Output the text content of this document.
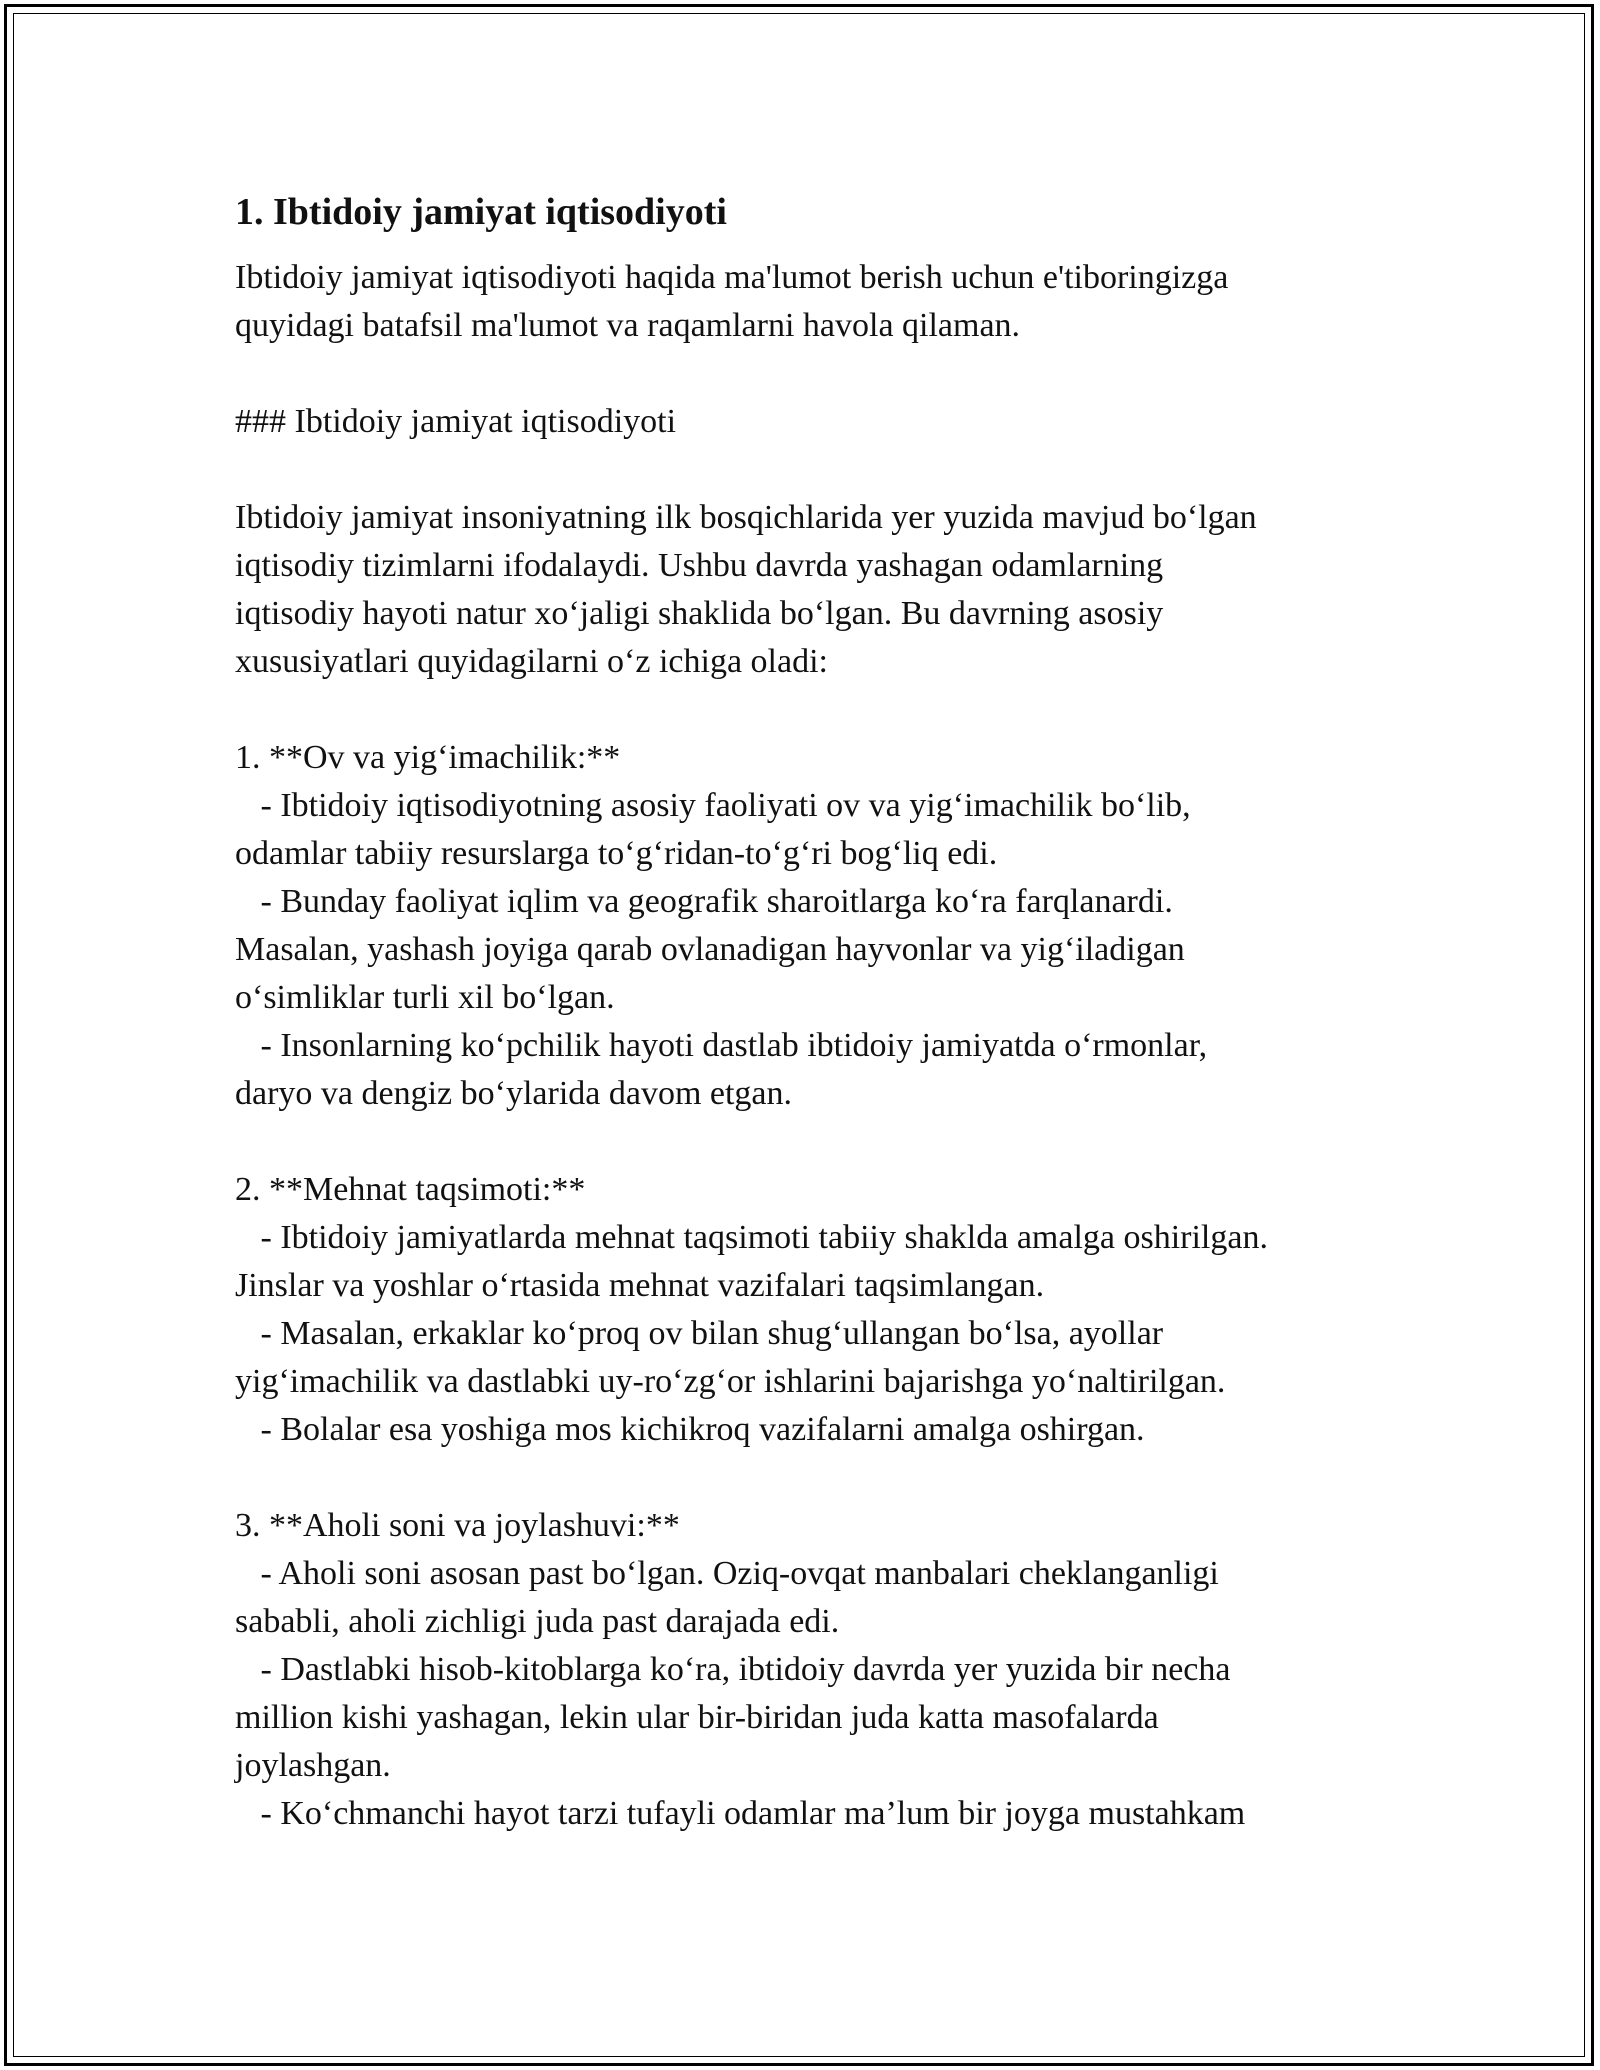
1. Ibtidoiy jamiyat iqtisodiyoti

Ibtidoiy jamiyat iqtisodiyoti haqida ma'lumot berish uchun e'tiboringizga
quyidagi batafsil ma'lumot va raqamlarni havola qilaman.

### Ibtidoiy jamiyat iqtisodiyoti

Ibtidoiy jamiyat insoniyatning ilk bosqichlarida yer yuzida mavjud bo‘lgan
iqtisodiy tizimlarni ifodalaydi. Ushbu davrda yashagan odamlarning
iqtisodiy hayoti natur xo‘jaligi shaklida bo‘lgan. Bu davrning asosiy
xususiyatlari quyidagilarni o‘z ichiga oladi:

1. **Ov va yig‘imachilik:**
- Ibtidoiy iqtisodiyotning asosiy faoliyati ov va yig‘imachilik bo‘lib,
odamlar tabiiy resurslarga to‘g‘ridan-to‘g‘ri bog‘liq edi.
- Bunday faoliyat iqlim va geografik sharoitlarga ko‘ra farqlanardi.
Masalan, yashash joyiga qarab ovlanadigan hayvonlar va yig‘iladigan
o‘simliklar turli xil bo‘lgan.
- Insonlarning ko‘pchilik hayoti dastlab ibtidoiy jamiyatda o‘rmonlar,
daryo va dengiz bo‘ylarida davom etgan.

2. **Mehnat taqsimoti:**
- Ibtidoiy jamiyatlarda mehnat taqsimoti tabiiy shaklda amalga oshirilgan.
Jinslar va yoshlar o‘rtasida mehnat vazifalari taqsimlangan.
- Masalan, erkaklar ko‘proq ov bilan shug‘ullangan bo‘lsa, ayollar
yig‘imachilik va dastlabki uy-ro‘zg‘or ishlarini bajarishga yo‘naltirilgan.
- Bolalar esa yoshiga mos kichikroq vazifalarni amalga oshirgan.

3. **Aholi soni va joylashuvi:**
- Aholi soni asosan past bo‘lgan. Oziq-ovqat manbalari cheklanganligi
sababli, aholi zichligi juda past darajada edi.
- Dastlabki hisob-kitoblarga ko‘ra, ibtidoiy davrda yer yuzida bir necha
million kishi yashagan, lekin ular bir-biridan juda katta masofalarda
joylashgan.
- Ko‘chmanchi hayot tarzi tufayli odamlar ma’lum bir joyga mustahkam
